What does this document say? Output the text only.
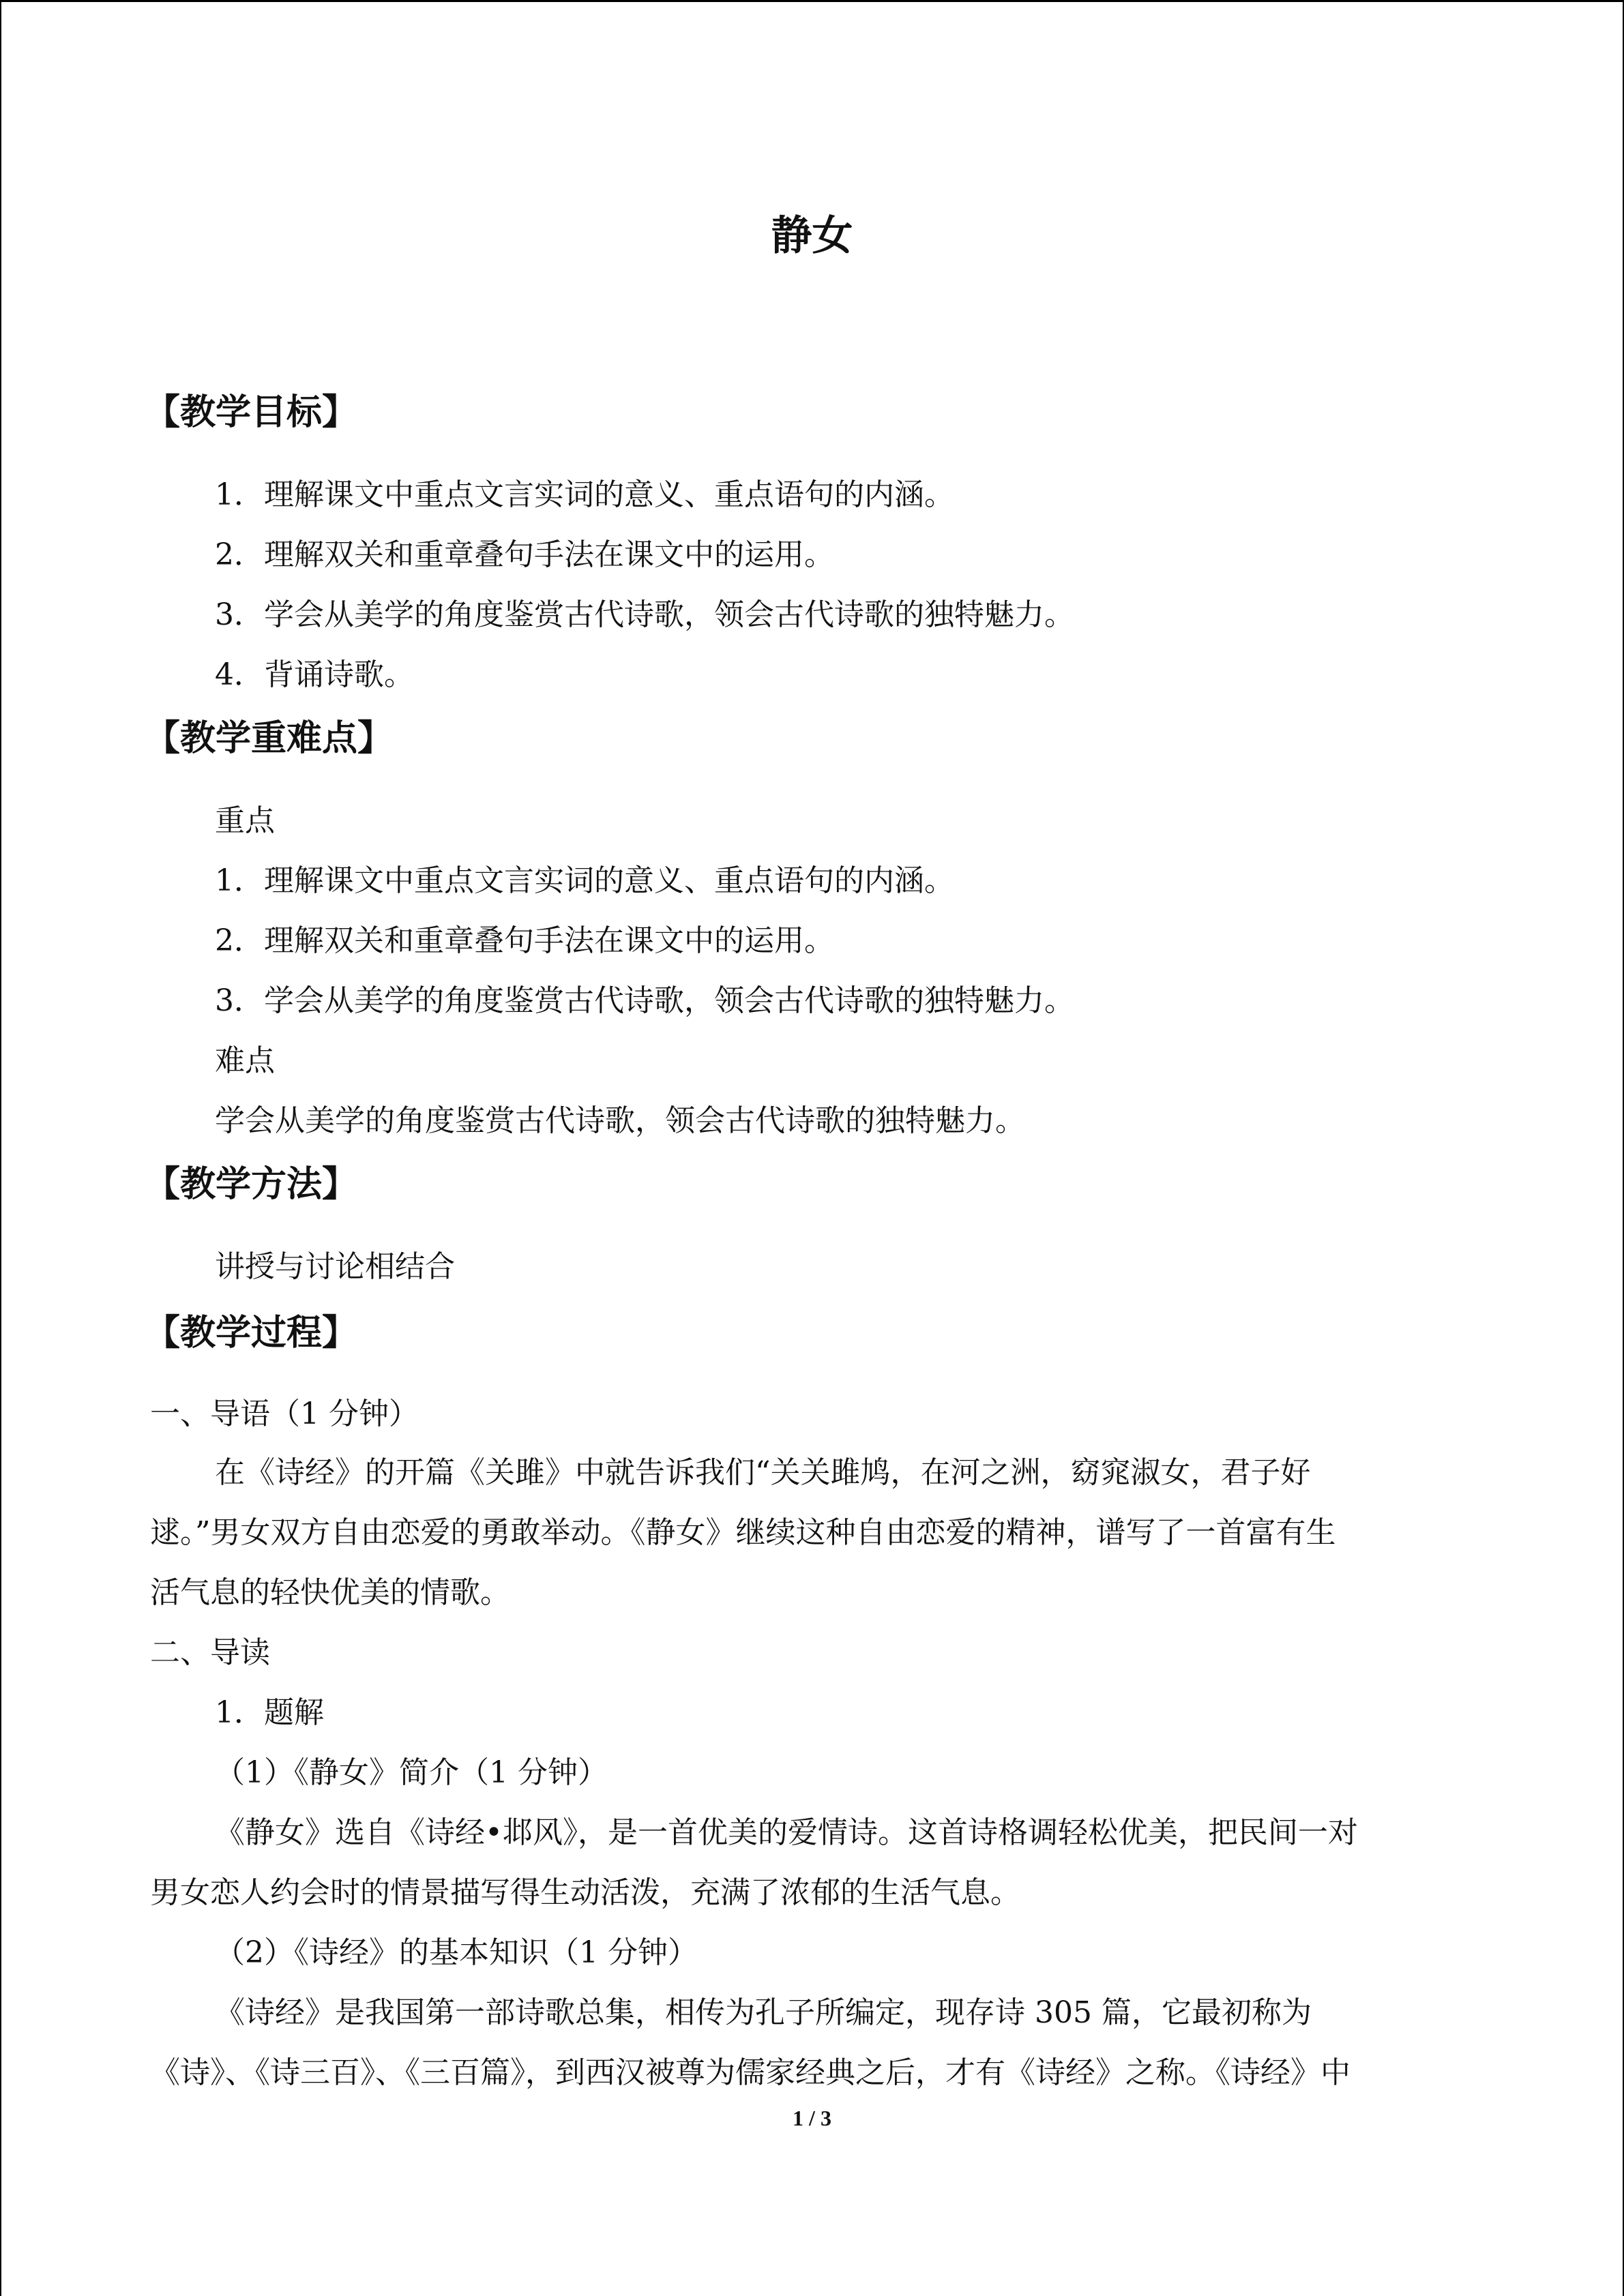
静女
【教学目标】
1．理解课文中重点文言实词的意义、重点语句的内涵。
2．理解双关和重章叠句手法在课文中的运用。
3．学会从美学的角度鉴赏古代诗歌，领会古代诗歌的独特魅力。
4．背诵诗歌。
【教学重难点】
重点
1．理解课文中重点文言实词的意义、重点语句的内涵。
2．理解双关和重章叠句手法在课文中的运用。
3．学会从美学的角度鉴赏古代诗歌，领会古代诗歌的独特魅力。
难点
学会从美学的角度鉴赏古代诗歌，领会古代诗歌的独特魅力。
【教学方法】
讲授与讨论相结合
【教学过程】
一、导语（1 分钟）
在《诗经》的开篇《关雎》中就告诉我们“关关雎鸠，在河之洲，窈窕淑女，君子好
逑。”男女双方自由恋爱的勇敢举动。《静女》继续这种自由恋爱的精神，谱写了一首富有生
活气息的轻快优美的情歌。
二、导读
1．题解
（1）《静女》简介（1 分钟）
《静女》选自《诗经•邶风》，是一首优美的爱情诗。这首诗格调轻松优美，把民间一对
男女恋人约会时的情景描写得生动活泼，充满了浓郁的生活气息。
（2）《诗经》的基本知识（1 分钟）
《诗经》是我国第一部诗歌总集，相传为孔子所编定，现存诗 305 篇，它最初称为
《诗》、《诗三百》、《三百篇》，到西汉被尊为儒家经典之后，才有《诗经》之称。《诗经》中
1 / 3
